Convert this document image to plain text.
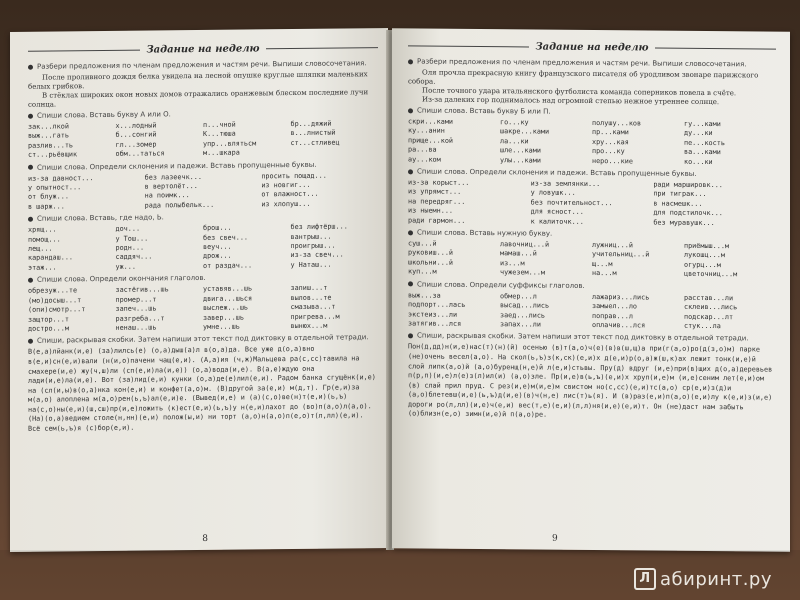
Задание на неделю
Разбери предложения по членам предложения и частям речи. Выпиши словосочетания.

После проливного дождя белка увидела на лесной опушке круглые шляпки маленьких белых грибков.

В стёклах широких окон новых домов отражались оранжевым блеском последние лучи солнца.

Спиши слова. Вставь букву А или О.
зак...лкой	х...лодный	п...чной	бр...дяжий
выж...гать	б...сонгий	К...тюша	в...лнистый
разлив...ть	гл...зомер	упр...влятьсм	ст...стливец
ст...рьёвщик	обм...таться	м...шкара
Спиши слова. Определи склонения и падежи. Вставь пропущенные буквы.
из-за давност...	без лазеечк...	просить пощад...
у опытност...	в вертолёт...	из новгиг...
от блуж...	на поимк...	от влажност...
в шарж...	рада полыбельк...	из хлопуш...
Спиши слова. Вставь, где надо, Ь.
хрящ...	доч...	брош...	без лифтёрш...
помощ...	у Тош...	без свеч...	вантрыш...
лещ...	родн...	веуч...	проигрыш...
карандаш...	саддяч...	дрож...	из-за свеч...
этаж...	уж...	от раздач...	у Наташ...
Спиши слова. Определи окончания глаголов.
обрезуж...те	застёгив...шь	уставяв...шь	запиш...т
(мо)досыш...т	промер...т	двига...шься	вылов...те
(опи)смотр...т	запеч...шь	выслеж...шь	смазыва...т
защтор...т	разгреба...т	завер...шь	пригрева...м
достро...м	ненаш...шь	умне...шь	вынюх...м
Спиши, раскрывая скобки. Затем напиши этот текст под диктовку в отдельной тетради.
В(е,а)лйанк(и,е) (за)лилсь(е) (о,а)дыш(а)л в(о,а)да. Все уже д(о,а)вно в(е,и)сн(е,и)вали (н(и,о)пачени чащ(е,и). (А,а)ия (ч,ж)Мальцева ра(с,сс)тавила на смахере(и,е) жу(ч,ш)ли (сп(е,и)ла(и,е)) (о,а)вода(и,е). В(а,е)ждую она лади(и,е)ла(и,е). Вот (за)лид(е,и) кунки (о,а)де(е)лил(е,и). Радом банка сгущёнк(и,е) на (сл(и,ы)в(о,а)нка кон(е,и) и конфет(а,о)м. (В)другой за(е,и) м(д,т). Гр(е,и)за м(а,о) алоплена м(а,о)рен(ь,ъ)ал(е,и)е. (Вывед(и,е) и (а)(с,о)ве(н)т(е,и)(ь,ъ) на(с,о)ны(е,и)(ш,сш)пр(и,е)ложить (к)ест(е,и)(ь,ъ)у н(е,и)лахот до (во)п(а,о)л(а,о). (На)(о,а)ведием столе(н,нн)(е,и) полож(ы,и) ни торт (а,о)н(а,о)п(е,о)т(л,лл)(е,и). Всё сем(ь,ъ)я (с)бор(е,и).
8
Задание на неделю
Разбери предложения по членам предложения и частям речи. Выпиши словосочетания.

Оля прочла прекрасную книгу французского писателя об уродливом звонаре парижского собора.

После точного удара итальянского футболиста команда соперников повела в счёте.

Из-за далеких гор поднималось над огромной степью нежное утреннее солнце.

Спиши слова. Вставь букву Б или П.
скри...ками	го...ку	полушу...ков	гу...ками
ку...анин	шакре...ками	пр...ками	ду...ки
прище...кой	ла...ки	хру...кая	пе...кость
ра...ва	шле...ками	про...ку	ва...ками
ау...ком	улы...ками	неро...кие	ко...ки
Спиши слова. Определи склонения и падежи. Вставь пропущенные буквы.
из-за корыст...	из-за землянки...	ради маршировк...
из упрямст...	у ловушк...	при тиграк...
на передряг...	без почтительност...	в насмешк...
из ныемн...	для ясност...	для подстилочк...
ради гармон...	к калиточк...	без муравушк...
Спиши слова. Вставь нужную букву.
суш...й	лавочниц...й	лужниц...й	приёмыш...м
руковиш...й	мамаш...й	учительниц...й	лукошц...м
школьни...й	из...м	щ...м	огурц...м
куп...м	чужезем...м	на...м	цветочниц...м
Спиши слова. Определи суффиксы глаголов.
выж...за	обмер...л	лажариз...лись	расстав...ли
подпорт...лась	высад...лись	замыел...ло	склеив...лись
экстеиз...ли	заед...лись	поправ...л	подскар...лт
затягив...лся	запах...ли	оплачив...лся	стук...ла
Спиши, раскрывая скобки. Затем напиши этот текст под диктовку в отдельной тетради.
Пон(д,дд)н(и,е)нас(т)(н)(й) осенью (в)т(а,о)ч(е)(в)в(ш,щ)а при(г(а,о)ро(д(з,о)м) парке (не)очень весел(а,о). На скол(ь,ъ)з(к,ск)(е,и)х д(е,и)р(о,а)ж(ш,к)ах лежит тонк(и,е)й слой липк(а,о)й (а,о)буренщ(н,е)й л(е,и)стьвы. Пру(д) вдруг (и,е)при(в)щих д(о,а)деревьев п(р,п)(и,е)л(е)з(л)ил(и) (а,о)зле. Пр(и,е)в(ь,ъ)(е,и)х хруп(и,е)м (и,е)сеним лет(е,и)ом (в) слай прил пруд. С рез(и,е)м(и,е)м свистом но(с,сс)(е,и)тс(а,о) ср(е,и)з(д)и (а,о)блетевш(и,е)(ь,ъ)д(и,е)(в)ч(н,е) лис(т)ь(я). И (в)раз(е,и)п(а,о)(е,и)лу к(е,и)з(и,е) дороги ро(л,лл)(и,е)ч(е,и) вес(т,е)(е,и)(л,л)ня(и,е)(е,и)т. Он (не)даст нам забыть (о)близн(е,о) зимн(и,е)й п(а,о)ре.
9
Л абиринт.ру
